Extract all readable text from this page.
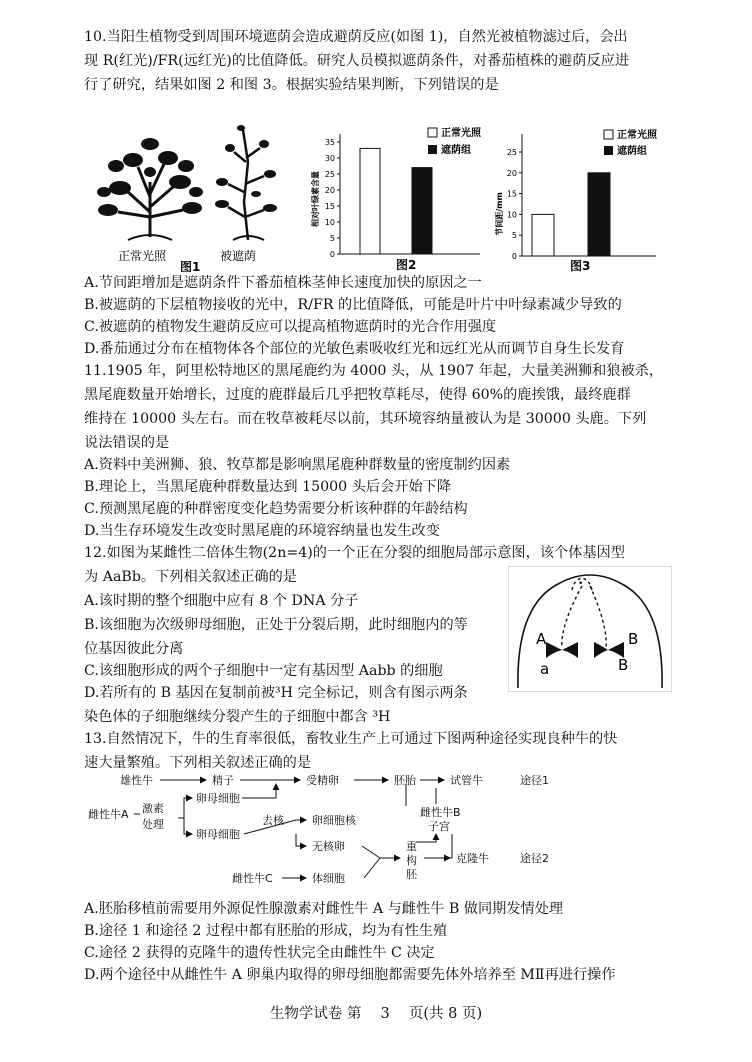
10.当阳生植物受到周围环境遮荫会造成避荫反应(如图 1)，自然光被植物滤过后，会出
现 R(红光)/FR(远红光)的比值降低。研究人员模拟遮荫条件，对番茄植株的避荫反应进
行了研究，结果如图 2 和图 3。根据实验结果判断，下列错误的是
正常光照	被遮荫
图1
相对叶绿素含量
0
5
10
15
20
25
30
35
正常光照
遮荫组
图2
节间距/mm
0
5
10
15
20
25
正常光照
遮荫组
图3
A.节间距增加是遮荫条件下番茄植株茎伸长速度加快的原因之一
B.被遮荫的下层植物接收的光中，R/FR 的比值降低，可能是叶片中叶绿素减少导致的
C.被遮荫的植物发生避荫反应可以提高植物遮荫时的光合作用强度
D.番茄通过分布在植物体各个部位的光敏色素吸收红光和远红光从而调节自身生长发育
11.1905 年，阿里松特地区的黑尾鹿约为 4000 头，从 1907 年起，大量美洲狮和狼被杀，
黑尾鹿数量开始增长，过度的鹿群最后几乎把牧草耗尽，使得 60%的鹿挨饿，最终鹿群
维持在 10000 头左右。而在牧草被耗尽以前，其环境容纳量被认为是 30000 头鹿。下列
说法错误的是
A.资料中美洲狮、狼、牧草都是影响黑尾鹿种群数量的密度制约因素
B.理论上，当黑尾鹿种群数量达到 15000 头后会开始下降
C.预测黑尾鹿的种群密度变化趋势需要分析该种群的年龄结构
D.当生存环境发生改变时黑尾鹿的环境容纳量也发生改变
12.如图为某雌性二倍体生物(2n=4)的一个正在分裂的细胞局部示意图，该个体基因型
为 AaBb。下列相关叙述正确的是
A.该时期的整个细胞中应有 8 个 DNA 分子
B.该细胞为次级卵母细胞，正处于分裂后期，此时细胞内的等
位基因彼此分离
C.该细胞形成的两个子细胞中一定有基因型 Aabb 的细胞
D.若所有的 B 基因在复制前被³H 完全标记，则含有图示两条
染色体的子细胞继续分裂产生的子细胞中都含 ³H
•
A
a
B
B
13.自然情况下，牛的生育率很低，畜牧业生产上可通过下图两种途径实现良种牛的快
速大量繁殖。下列相关叙述正确的是
雄性牛	精子	受精卵	胚胎	试管牛	途径1
雌性牛A 激素
处理
卵母细胞
卵母细胞
去核	卵细胞核
无核卵
雌性牛B
子宫
重
构
胚
克隆牛	途径2
雌性牛C	体细胞
A.胚胎移植前需要用外源促性腺激素对雌性牛 A 与雌性牛 B 做同期发情处理
B.途径 1 和途径 2 过程中都有胚胎的形成，均为有性生殖
C.途径 2 获得的克隆牛的遗传性状完全由雌性牛 C 决定
D.两个途径中从雌性牛 A 卵巢内取得的卵母细胞都需要先体外培养至 MⅡ再进行操作
生物学试卷 第　 3　 页(共 8 页)
